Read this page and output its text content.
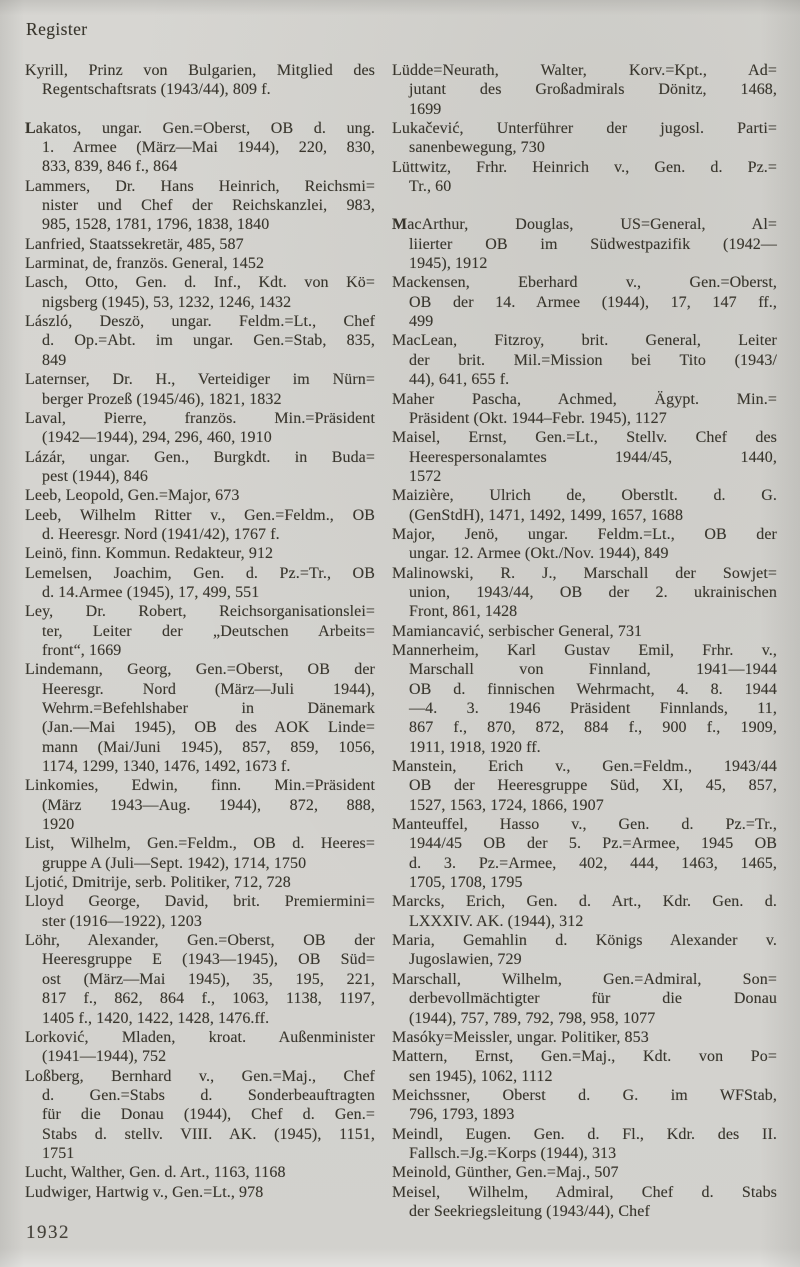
Register

Kyrill, Prinz von Bulgarien, Mitglied des
Regentschaftsrats (1943/44), 809 f.

Lakatos, ungar. Gen.=Oberst, OB d. ung.
1. Armee (März—Mai 1944), 220, 830,
833, 839, 846 f., 864

Lammers, Dr. Hans Heinrich, Reichsmi=
nister und Chef der Reichskanzlei, 983,
985, 1528, 1781, 1796, 1838, 1840

Lanfried, Staatssekretär, 485, 587

Larminat, de, französ. General, 1452

Lasch, Otto, Gen. d. Inf., Kdt. von Kö=
nigsberg (1945), 53, 1232, 1246, 1432

László, Deszö, ungar. Feldm.=Lt., Chef
d. Op.=Abt. im ungar. Gen.=Stab, 835,
849

Laternser, Dr. H., Verteidiger im Nürn=
berger Prozeß (1945/46), 1821, 1832

Laval, Pierre, französ. Min.=Präsident
(1942—1944), 294, 296, 460, 1910

Lázár, ungar. Gen., Burgkdt. in Buda=
pest (1944), 846

Leeb, Leopold, Gen.=Major, 673

Leeb, Wilhelm Ritter v., Gen.=Feldm., OB
d. Heeresgr. Nord (1941/42), 1767 f.

Leinö, finn. Kommun. Redakteur, 912

Lemelsen, Joachim, Gen. d. Pz.=Tr., OB
d. 14.Armee (1945), 17, 499, 551

Ley, Dr. Robert, Reichsorganisationslei=
ter, Leiter der „Deutschen Arbeits=
front“, 1669

Lindemann, Georg, Gen.=Oberst, OB der
Heeresgr. Nord (März—Juli 1944),
Wehrm.=Befehlshaber in Dänemark
(Jan.—Mai 1945), OB des AOK Linde=
mann (Mai/Juni 1945), 857, 859, 1056,
1174, 1299, 1340, 1476, 1492, 1673 f.

Linkomies, Edwin, finn. Min.=Präsident
(März 1943—Aug. 1944), 872, 888,
1920

List, Wilhelm, Gen.=Feldm., OB d. Heeres=
gruppe A (Juli—Sept. 1942), 1714, 1750

Ljotić, Dmitrije, serb. Politiker, 712, 728

Lloyd George, David, brit. Premiermini=
ster (1916—1922), 1203

Löhr, Alexander, Gen.=Oberst, OB der
Heeresgruppe E (1943—1945), OB Süd=
ost (März—Mai 1945), 35, 195, 221,
817 f., 862, 864 f., 1063, 1138, 1197,
1405 f., 1420, 1422, 1428, 1476.ff.

Lorković, Mladen, kroat. Außenminister
(1941—1944), 752

Loßberg, Bernhard v., Gen.=Maj., Chef
d. Gen.=Stabs d. Sonderbeauftragten
für die Donau (1944), Chef d. Gen.=
Stabs d. stellv. VIII. AK. (1945), 1151,
1751

Lucht, Walther, Gen. d. Art., 1163, 1168

Ludwiger, Hartwig v., Gen.=Lt., 978

Lüdde=Neurath, Walter, Korv.=Kpt., Ad=
jutant des Großadmirals Dönitz, 1468,
1699

Lukačević, Unterführer der jugosl. Parti=
sanenbewegung, 730

Lüttwitz, Frhr. Heinrich v., Gen. d. Pz.=
Tr., 60

MacArthur, Douglas, US=General, Al=
liierter OB im Südwestpazifik (1942—
1945), 1912

Mackensen, Eberhard v., Gen.=Oberst,
OB der 14. Armee (1944), 17, 147 ff.,
499

MacLean, Fitzroy, brit. General, Leiter
der brit. Mil.=Mission bei Tito (1943/
44), 641, 655 f.

Maher Pascha, Achmed, Ägypt. Min.=
Präsident (Okt. 1944–Febr. 1945), 1127

Maisel, Ernst, Gen.=Lt., Stellv. Chef des
Heerespersonalamtes 1944/45, 1440,
1572

Maizière, Ulrich de, Oberstlt. d. G.
(GenStdH), 1471, 1492, 1499, 1657, 1688

Major, Jenö, ungar. Feldm.=Lt., OB der
ungar. 12. Armee (Okt./Nov. 1944), 849

Malinowski, R. J., Marschall der Sowjet=
union, 1943/44, OB der 2. ukrainischen
Front, 861, 1428

Mamiancavić, serbischer General, 731

Mannerheim, Karl Gustav Emil, Frhr. v.,
Marschall von Finnland, 1941—1944
OB d. finnischen Wehrmacht, 4. 8. 1944
—4. 3. 1946 Präsident Finnlands, 11,
867 f., 870, 872, 884 f., 900 f., 1909,
1911, 1918, 1920 ff.

Manstein, Erich v., Gen.=Feldm., 1943/44
OB der Heeresgruppe Süd, XI, 45, 857,
1527, 1563, 1724, 1866, 1907

Manteuffel, Hasso v., Gen. d. Pz.=Tr.,
1944/45 OB der 5. Pz.=Armee, 1945 OB
d. 3. Pz.=Armee, 402, 444, 1463, 1465,
1705, 1708, 1795

Marcks, Erich, Gen. d. Art., Kdr. Gen. d.
LXXXIV. AK. (1944), 312

Maria, Gemahlin d. Königs Alexander v.
Jugoslawien, 729

Marschall, Wilhelm, Gen.=Admiral, Son=
derbevollmächtigter für die Donau
(1944), 757, 789, 792, 798, 958, 1077

Masóky=Meissler, ungar. Politiker, 853

Mattern, Ernst, Gen.=Maj., Kdt. von Po=
sen 1945), 1062, 1112

Meichssner, Oberst d. G. im WFStab,
796, 1793, 1893

Meindl, Eugen. Gen. d. Fl., Kdr. des II.
Fallsch.=Jg.=Korps (1944), 313

Meinold, Günther, Gen.=Maj., 507

Meisel, Wilhelm, Admiral, Chef d. Stabs
der Seekriegsleitung (1943/44), Chef

1932
